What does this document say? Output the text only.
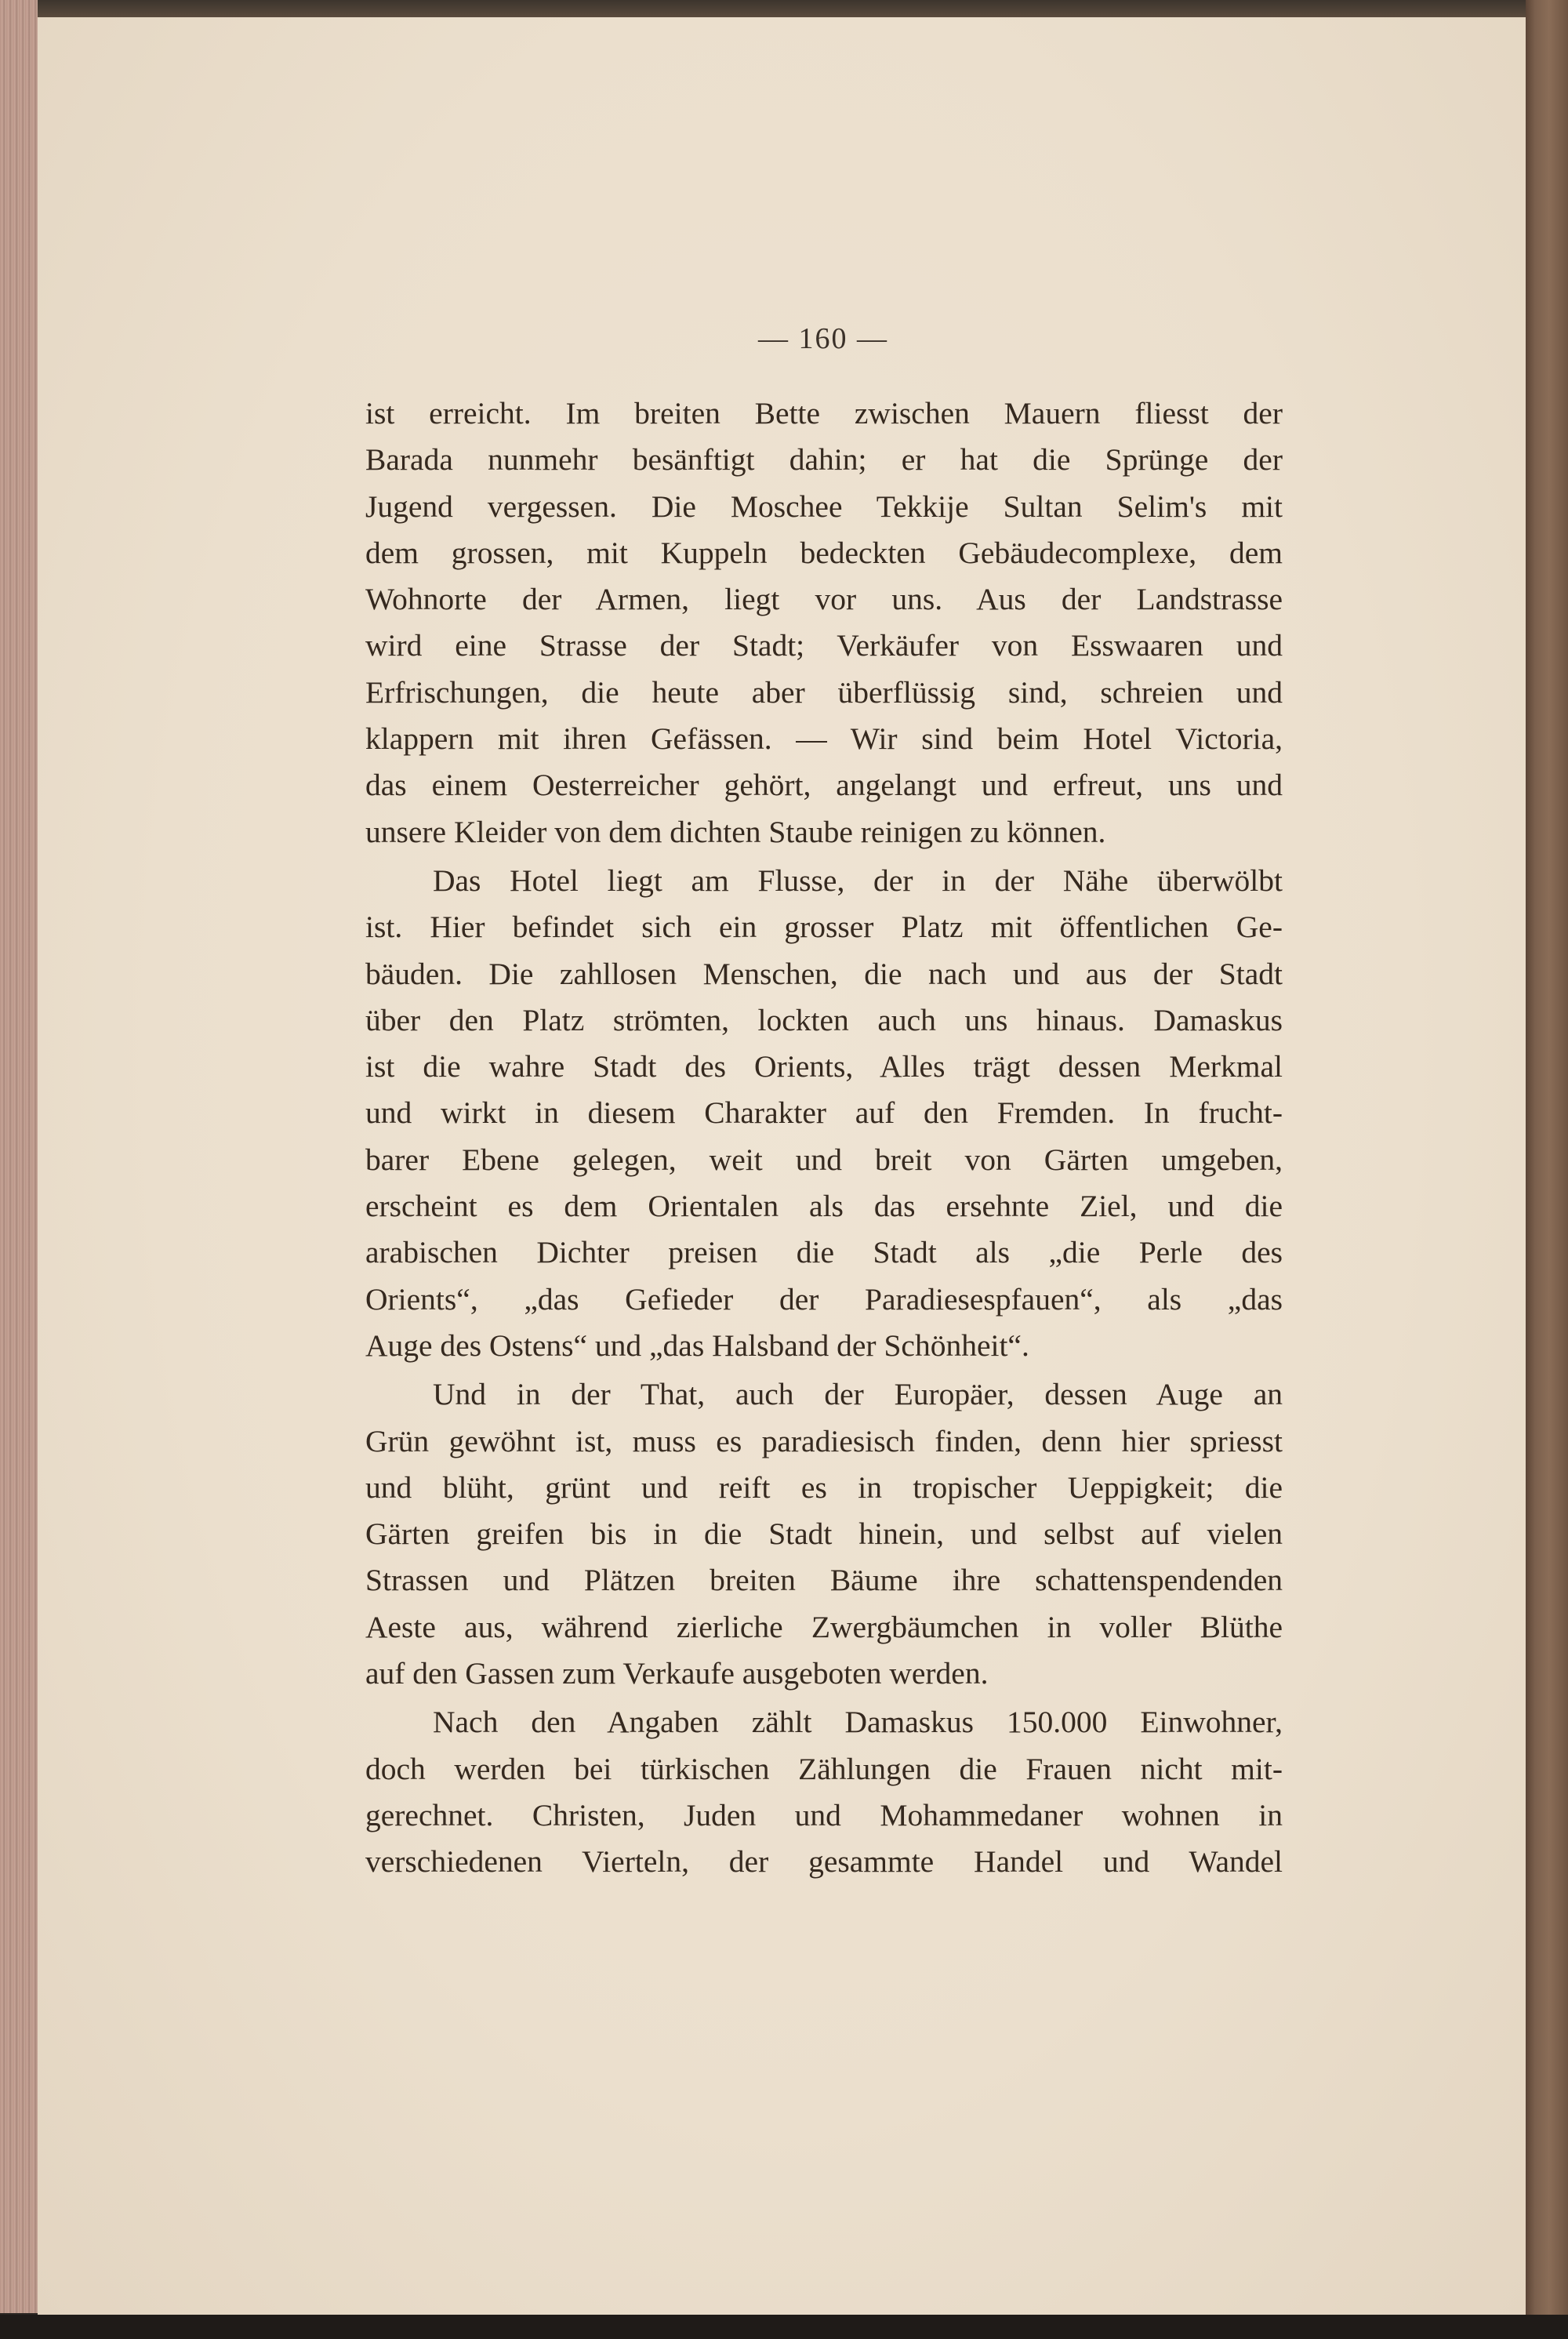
— 160 —
ist erreicht. Im breiten Bette zwischen Mauern fliesst der
Barada nunmehr besänftigt dahin; er hat die Sprünge der
Jugend vergessen. Die Moschee Tekkije Sultan Selim's mit
dem grossen, mit Kuppeln bedeckten Gebäudecomplexe, dem
Wohnorte der Armen, liegt vor uns. Aus der Landstrasse
wird eine Strasse der Stadt; Verkäufer von Esswaaren und
Erfrischungen, die heute aber überflüssig sind, schreien und
klappern mit ihren Gefässen. — Wir sind beim Hotel Victoria,
das einem Oesterreicher gehört, angelangt und erfreut, uns und
unsere Kleider von dem dichten Staube reinigen zu können.
Das Hotel liegt am Flusse, der in der Nähe überwölbt
ist. Hier befindet sich ein grosser Platz mit öffentlichen Ge-
bäuden. Die zahllosen Menschen, die nach und aus der Stadt
über den Platz strömten, lockten auch uns hinaus. Damaskus
ist die wahre Stadt des Orients, Alles trägt dessen Merkmal
und wirkt in diesem Charakter auf den Fremden. In frucht-
barer Ebene gelegen, weit und breit von Gärten umgeben,
erscheint es dem Orientalen als das ersehnte Ziel, und die
arabischen Dichter preisen die Stadt als „die Perle des
Orients“, „das Gefieder der Paradiesespfauen“, als „das
Auge des Ostens“ und „das Halsband der Schönheit“.
Und in der That, auch der Europäer, dessen Auge an
Grün gewöhnt ist, muss es paradiesisch finden, denn hier spriesst
und blüht, grünt und reift es in tropischer Ueppigkeit; die
Gärten greifen bis in die Stadt hinein, und selbst auf vielen
Strassen und Plätzen breiten Bäume ihre schattenspendenden
Aeste aus, während zierliche Zwergbäumchen in voller Blüthe
auf den Gassen zum Verkaufe ausgeboten werden.
Nach den Angaben zählt Damaskus 150.000 Einwohner,
doch werden bei türkischen Zählungen die Frauen nicht mit-
gerechnet. Christen, Juden und Mohammedaner wohnen in
verschiedenen Vierteln, der gesammte Handel und Wandel
